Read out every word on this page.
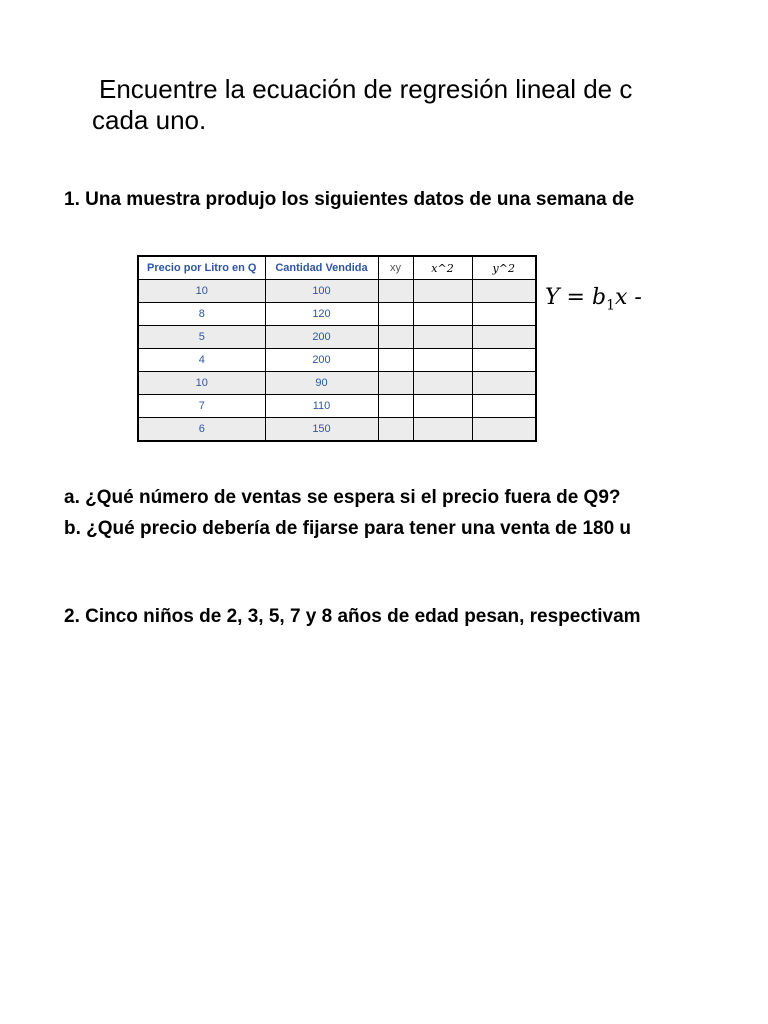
Encuentre la ecuación de regresión lineal de c
cada uno.
1. Una muestra produjo los siguientes datos de una semana de
Precio por Litro en Q	Cantidad Vendida	xy	x^2	y^2
10	100			
8	120			
5	200			
4	200			
10	90			
7	110			
6	150			
$Y = b_1x$ -
a. ¿Qué número de ventas se espera si el precio fuera de Q9?
b. ¿Qué precio debería de fijarse para tener una venta de 180 u
2. Cinco niños de 2, 3, 5, 7 y 8 años de edad pesan, respectivam
